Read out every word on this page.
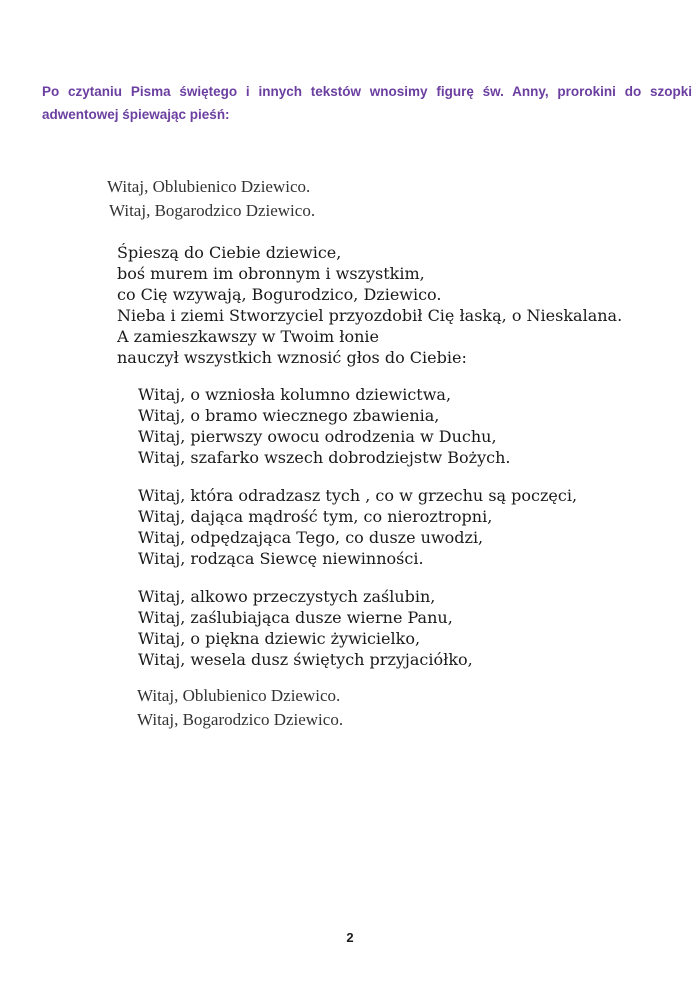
Po czytaniu Pisma świętego i innych tekstów wnosimy figurę św. Anny, prorokini do szopki adwentowej śpiewając pieśń:
Witaj, Oblubienico Dziewico.
Witaj, Bogarodzico Dziewico.
Śpieszą do Ciebie dziewice,
boś murem im obronnym i wszystkim,
co Cię wzywają, Bogurodzico, Dziewico.
Nieba i ziemi Stworzyciel przyozdobił Cię łaską, o Nieskalana.
A zamieszkawszy w Twoim łonie
nauczył wszystkich wznosić głos do Ciebie:
Witaj, o wzniosła kolumno dziewictwa,
Witaj, o bramo wiecznego zbawienia,
Witaj, pierwszy owocu odrodzenia w Duchu,
Witaj, szafarko wszech dobrodziejstw Bożych.
Witaj, która odradzasz tych , co w grzechu są poczęci,
Witaj, dająca mądrość tym, co nieroztropni,
Witaj, odpędzająca Tego, co dusze uwodzi,
Witaj, rodząca Siewcę niewinności.
Witaj, alkowo przeczystych zaślubin,
Witaj, zaślubiająca dusze wierne Panu,
Witaj, o piękna dziewic żywicielko,
Witaj, wesela dusz świętych przyjaciółko,
Witaj, Oblubienico Dziewico.
Witaj, Bogarodzico Dziewico.
2
